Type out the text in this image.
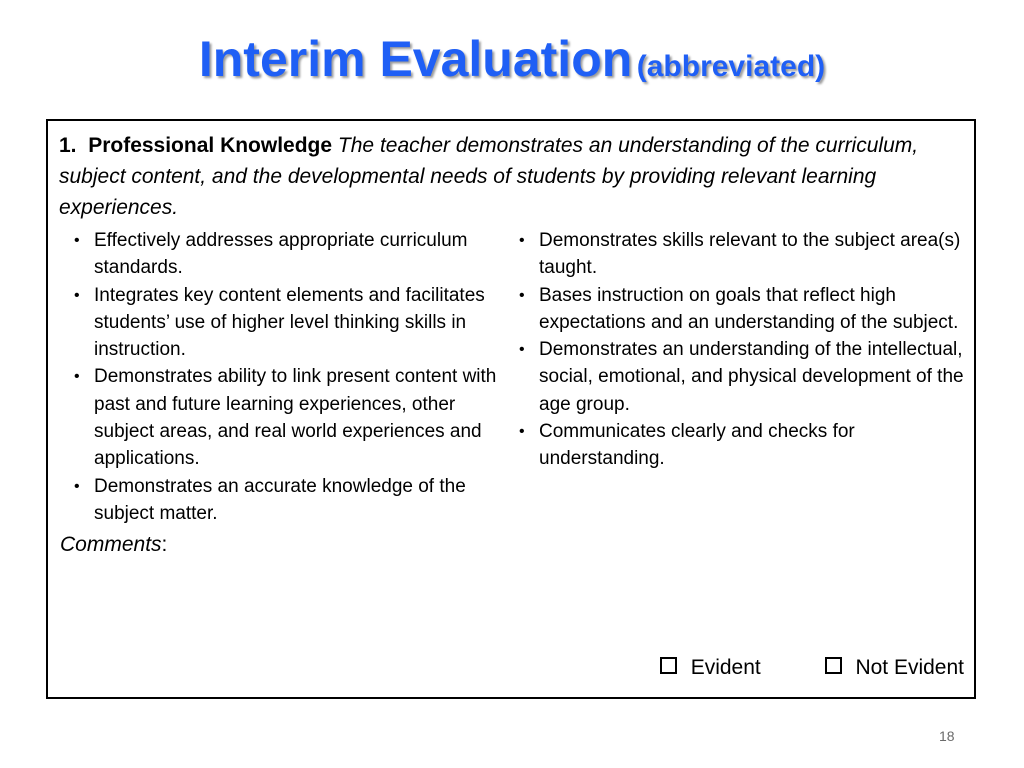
Interim Evaluation (abbreviated)
1. Professional Knowledge The teacher demonstrates an understanding of the curriculum, subject content, and the developmental needs of students by providing relevant learning experiences.
• Effectively addresses appropriate curriculum standards.
• Integrates key content elements and facilitates students’ use of higher level thinking skills in instruction.
• Demonstrates ability to link present content with past and future learning experiences, other subject areas, and real world experiences and applications.
• Demonstrates an accurate knowledge of the subject matter.
• Demonstrates skills relevant to the subject area(s) taught.
• Bases instruction on goals that reflect high expectations and an understanding of the subject.
• Demonstrates an understanding of the intellectual, social, emotional, and physical development of the age group.
• Communicates clearly and checks for understanding.
Comments:
Evident	Not Evident
18
